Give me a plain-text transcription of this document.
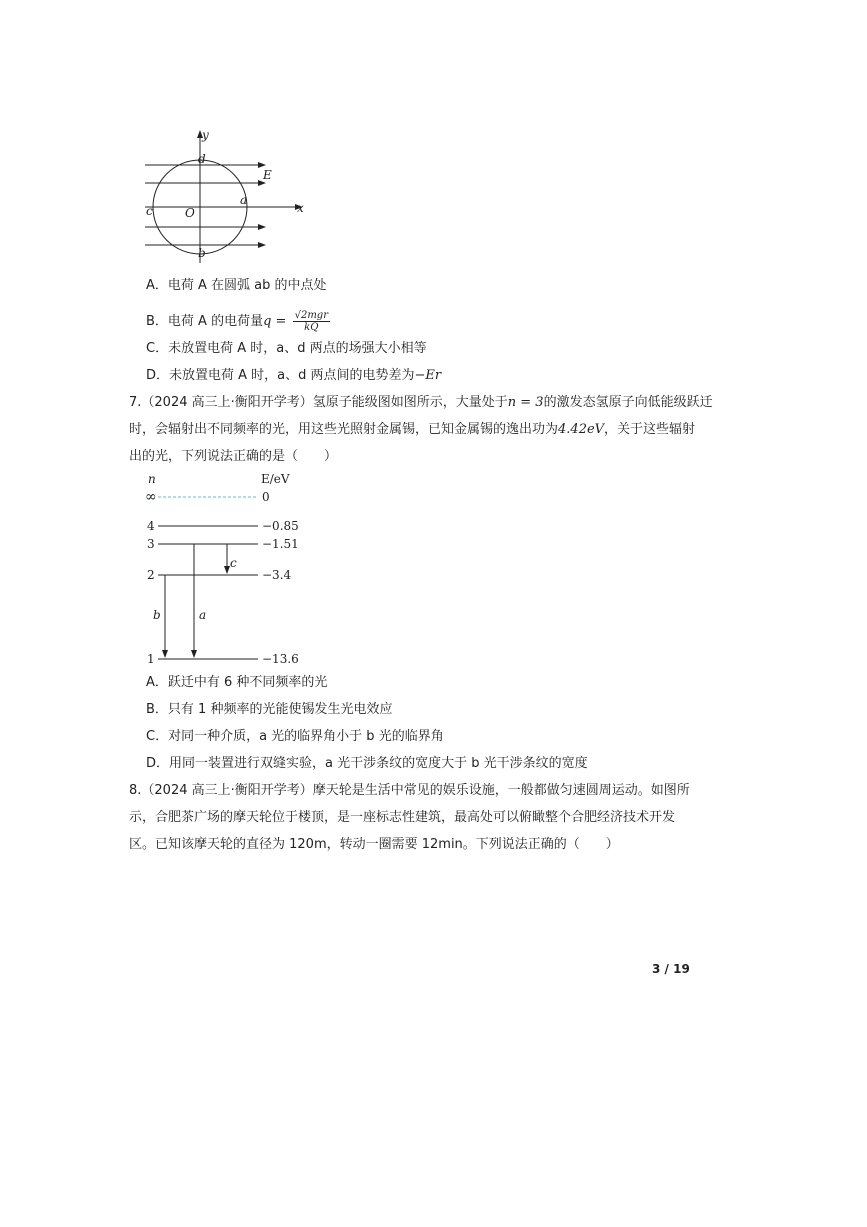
y
d
E
c	O
a
x
b
A．电荷 A 在圆弧 ab 的中点处
B．电荷 A 的电荷量$q = \frac{\text{√2mgr}}{kQ}$
C．未放置电荷 A 时，a、d 两点的场强大小相等
D．未放置电荷 A 时，a、d 两点间的电势差为−Er
7.（2024 高三上·衡阳开学考）氢原子能级图如图所示，大量处于n = 3的激发态氢原子向低能级跃迁
时，会辐射出不同频率的光，用这些光照射金属锡，已知金属锡的逸出功为4.42eV，关于这些辐射
出的光，下列说法正确的是（　　）
n	E/eV
∞	0
4	−0.85
3	−1.51
2	−3.4
1	−13.6
c
b	a
A．跃迁中有 6 种不同频率的光
B．只有 1 种频率的光能使锡发生光电效应
C．对同一种介质，a 光的临界角小于 b 光的临界角
D．用同一装置进行双缝实验，a 光干涉条纹的宽度大于 b 光干涉条纹的宽度
8.（2024 高三上·衡阳开学考）摩天轮是生活中常见的娱乐设施，一般都做匀速圆周运动。如图所
示，合肥茶广场的摩天轮位于楼顶，是一座标志性建筑，最高处可以俯瞰整个合肥经济技术开发
区。已知该摩天轮的直径为 120m，转动一圈需要 12min。下列说法正确的（　　）
3 / 19
